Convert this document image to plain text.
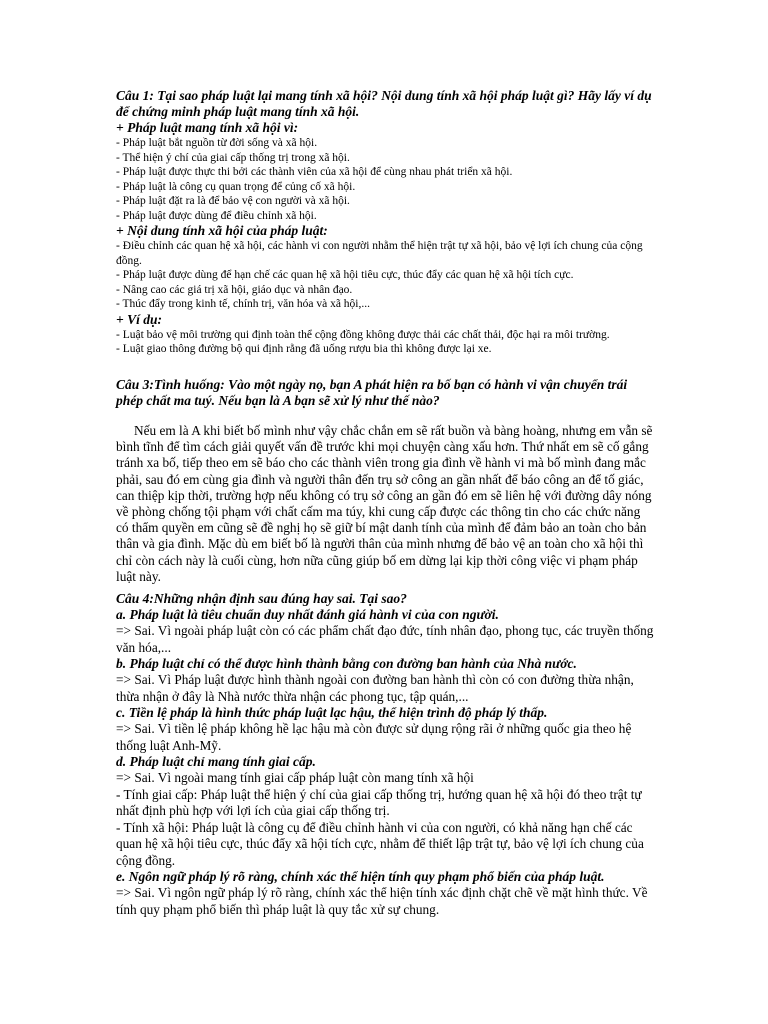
Câu 1: Tại sao pháp luật lại mang tính xã hội? Nội dung tính xã hội pháp luật gì? Hãy lấy ví dụ để chứng minh pháp luật mang tính xã hội.

+ Pháp luật mang tính xã hội vì:

- Pháp luật bắt nguồn từ đời sống và xã hội.

- Thể hiện ý chí của giai cấp thống trị trong xã hội.

- Pháp luật được thực thi bởi các thành viên của xã hội để cùng nhau phát triển xã hội.

- Pháp luật là công cụ quan trọng để củng cố xã hội.

- Pháp luật đặt ra là để bảo vệ con người và xã hội.

- Pháp luật được dùng để điều chỉnh xã hội.

+ Nội dung tính xã hội của pháp luật:

- Điều chỉnh các quan hệ xã hội, các hành vi con người nhằm thể hiện trật tự xã hội, bảo vệ lợi ích chung của cộng đồng.

- Pháp luật được dùng để hạn chế các quan hệ xã hội tiêu cực, thúc đẩy các quan hệ xã hội tích cực.

- Nâng cao các giá trị xã hội, giáo dục và nhân đạo.

- Thúc đẩy trong kinh tế, chính trị, văn hóa và xã hội,...

+ Ví dụ:

- Luật bảo vệ môi trường qui định toàn thể cộng đồng không được thải các chất thải, độc hại ra môi trường.

- Luật giao thông đường bộ qui định rằng đã uống rượu bia thì không được lại xe.

Câu 3:Tình huống: Vào một ngày nọ, bạn A phát hiện ra bố bạn có hành vi vận chuyển trái phép chất ma tuý. Nếu bạn là A bạn sẽ xử lý như thế nào?

Nếu em là A khi biết bố mình như vậy chắc chắn em sẽ rất buồn và bàng hoàng, nhưng em vẫn sẽ bình tĩnh để tìm cách giải quyết vấn đề trước khi mọi chuyện càng xấu hơn. Thứ nhất em sẽ cố gắng tránh xa bố, tiếp theo em sẽ báo cho các thành viên trong gia đình về hành vi mà bố mình đang mắc phải, sau đó em cùng gia đình và người thân đến trụ sở công an gần nhất để báo công an để tố giác, can thiệp kịp thời, trường hợp nếu không có trụ sở công an gần đó em sẽ liên hệ với đường dây nóng về phòng chống tội phạm với chất cấm ma túy, khi cung cấp được các thông tin cho các chức năng có thẩm quyền em cũng sẽ đề nghị họ sẽ giữ bí mật danh tính của mình để đảm bảo an toàn cho bản thân và gia đình. Mặc dù em biết bố là người thân của mình nhưng để bảo vệ an toàn cho xã hội thì chỉ còn cách này là cuối cùng, hơn nữa cũng giúp bố em dừng lại kịp thời công việc vi phạm pháp luật này.

Câu 4:Những nhận định sau đúng hay sai. Tại sao?

a. Pháp luật là tiêu chuẩn duy nhất đánh giá hành vi của con người.

=> Sai. Vì ngoài pháp luật còn có các phẩm chất đạo đức, tính nhân đạo, phong tục, các truyền thống văn hóa,...

b. Pháp luật chỉ có thể được hình thành bằng con đường ban hành của Nhà nước.

=> Sai. Vì Pháp luật được hình thành ngoài con đường ban hành thì còn có con đường thừa nhận, thừa nhận ở đây là Nhà nước thừa nhận các phong tục, tập quán,...

c. Tiền lệ pháp là hình thức pháp luật lạc hậu, thể hiện trình độ pháp lý thấp.

=> Sai. Vì tiền lệ pháp không hề lạc hậu mà còn được sử dụng rộng rãi ở những quốc gia theo hệ thống luật Anh-Mỹ.

d. Pháp luật chỉ mang tính giai cấp.

=> Sai. Vì ngoài mang tính giai cấp pháp luật còn mang tính xã hội

- Tính giai cấp: Pháp luật thể hiện ý chí của giai cấp thống trị, hướng quan hệ xã hội đó theo trật tự nhất định phù hợp với lợi ích của giai cấp thống trị.

- Tính xã hội: Pháp luật là công cụ để điều chỉnh hành vi của con người, có khả năng hạn chế các quan hệ xã hội tiêu cực, thúc đẩy xã hội tích cực, nhằm để thiết lập trật tự, bảo vệ lợi ích chung của cộng đồng.

e. Ngôn ngữ pháp lý rõ ràng, chính xác thể hiện tính quy phạm phổ biến của pháp luật.

=> Sai. Vì ngôn ngữ pháp lý rõ ràng, chính xác thể hiện tính xác định chặt chẽ về mặt hình thức. Về tính quy phạm phổ biến thì pháp luật là quy tắc xử sự chung.
